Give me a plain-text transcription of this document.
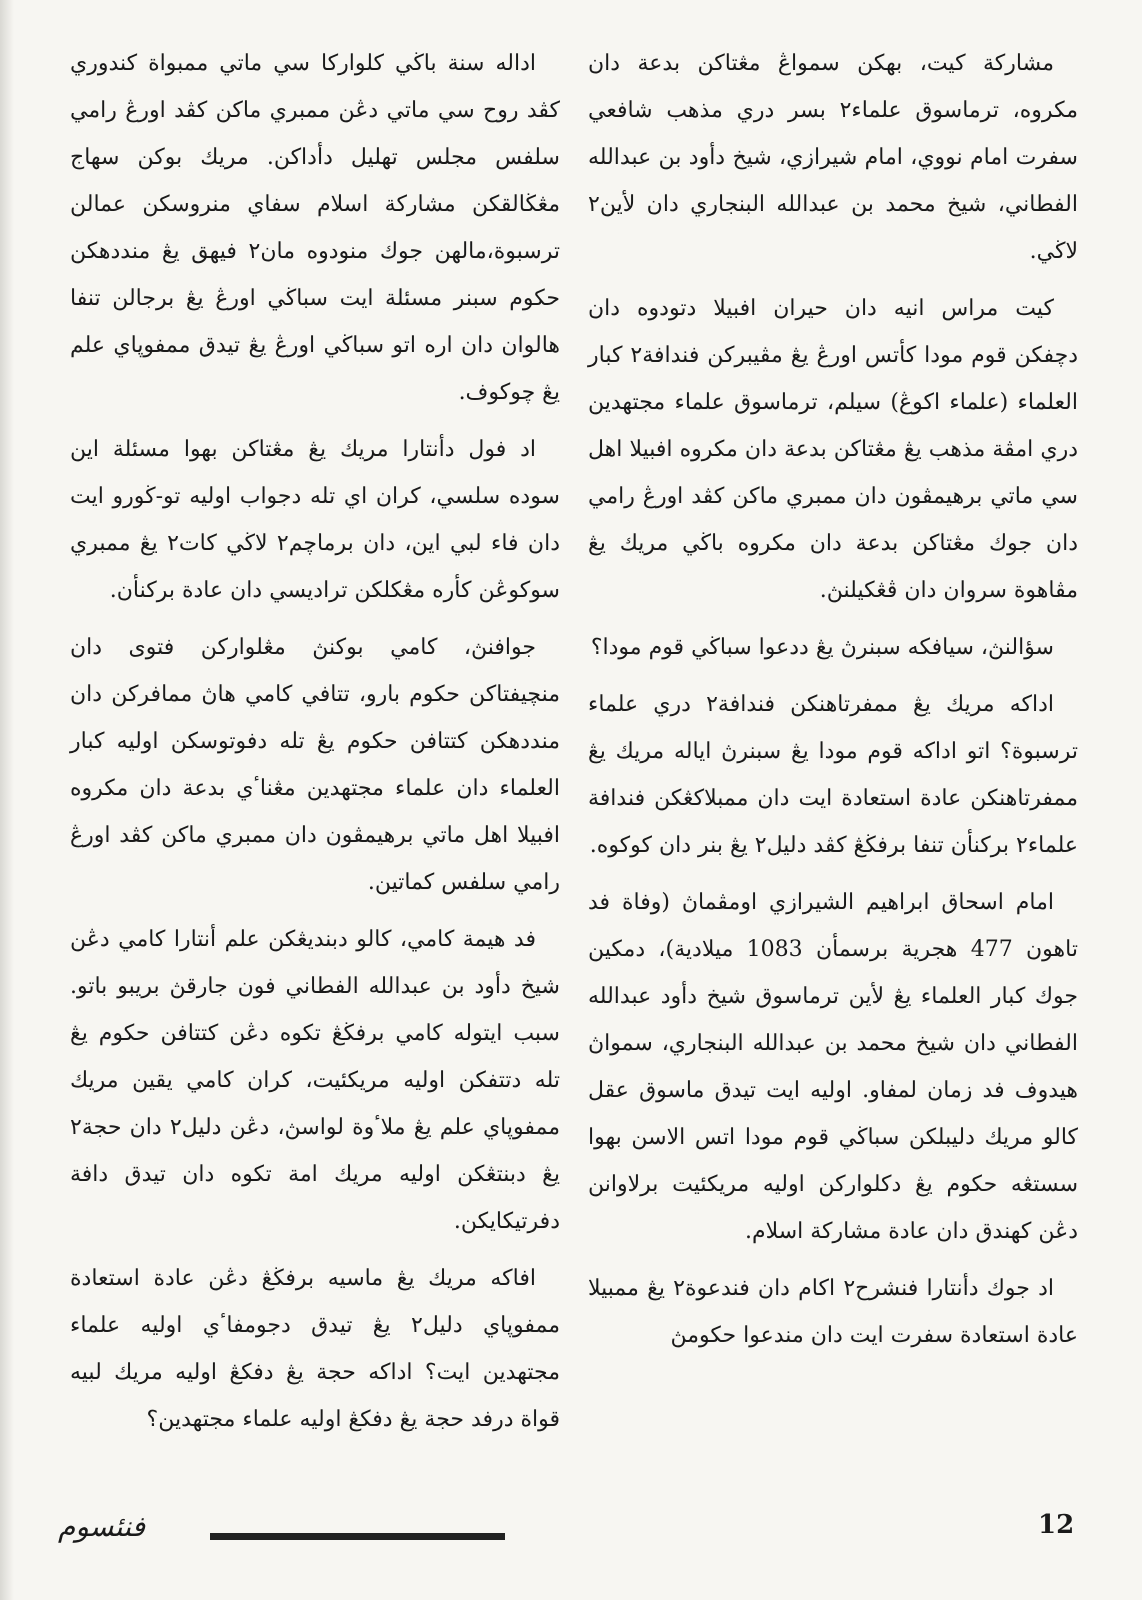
مشاركة كيت، بهكن سمواڠ مڠتاكن بدعة دان مكروه، ترماسوق علماء٢ بسر دري مذهب شافعي سفرت امام نووي، امام شيرازي، شيخ دأود بن عبدالله الفطاني، شيخ محمد بن عبدالله البنجاري دان لأين٢ لاڬي.

كيت مراس انيه دان حيران افبيلا دتودوه دان دچفكن قوم مودا كأتس اورڠ يڠ مڤيبركن فندافة٢ كبار العلماء (علماء اكوڠ) سيلم، ترماسوق علماء مجتهدين دري امڤة مذهب يڠ مڠتاكن بدعة دان مكروه افبيلا اهل سي ماتي برهيمڤون دان ممبري ماكن كڤد اورڠ رامي دان جوك مڠتاكن بدعة دان مكروه باڬي مريك يڠ مڤاهوة سروان دان ڤڠكيلنڽ.

سؤالنڽ، سيافكه سبنرڽ يڠ ددعوا سباڬي قوم مودا؟

اداكه مريك يڠ ممفرتاهنكن فندافة٢ دري علماء ترسبوة؟ اتو اداكه قوم مودا يڠ سبنرڽ اياله مريك يڠ ممفرتاهنكن عادة استعادة ايت دان ممبلاكڠكن فندافة علماء٢ بركنأن تنفا برفڬڠ كڤد دليل٢ يڠ بنر دان كوكوه.

امام اسحاق ابراهيم الشيرازي اومڤماڽ (وفاة فد تاهون 477 هجرية برسمأن 1083 ميلادية)، دمكين جوك كبار العلماء يڠ لأين ترماسوق شيخ دأود عبدالله الفطاني دان شيخ محمد بن عبدالله البنجاري، سمواڽ هيدوف فد زمان لمفاو. اوليه ايت تيدق ماسوق عقل كالو مريك دليبلكن سباڬي قوم مودا اتس الاسن بهوا سستڠه حكوم يڠ دكلواركن اوليه مريكئيت برلاوانن دڠن كهندق دان عادة مشاركة اسلام.

اد جوك دأنتارا فنشرح٢ اكام دان فندعوة٢ يڠ ممبيلا عادة استعادة سفرت ايت دان مندعوا حكومڽ

اداله سنة باڬي كلواركا سي ماتي ممبواة كندوري كڤد روح سي ماتي دڠن ممبري ماكن كڤد اورڠ رامي سلفس مجلس تهليل دأداكن. مريك بوكن سهاج مڠڬالقكن مشاركة اسلام سفاي منروسكن عمالن ترسبوة،مالهن جوك منودوه مان٢ فيهق يڠ منددهكن حكوم سبنر مسئلة ايت سباڬي اورڠ يڠ برجالن تنفا هالوان دان اره اتو سباڬي اورڠ يڠ تيدق ممفوڽاي علم يڠ چوكوف.

اد فول دأنتارا مريك يڠ مڠتاكن بهوا مسئلة اين سوده سلسي، كران اي تله دجواب اوليه تو-ڬورو ايت دان فاء لبي اين، دان برماچم٢ لاڬي كات٢ يڠ ممبري سوكوڠن كأره مڠكلكن ترادیسي دان عادة بركنأن.

جوافنڽ، كامي بوكنڽ مڠلواركن فتوى دان منچيفتاكن حكوم بارو، تتافي كامي هاڽ ممافركن دان منددهكن كتتافن حكوم يڠ تله دفوتوسكن اوليه كبار العلماء دان علماء مجتهدين مڠناٴي بدعة دان مكروه افبيلا اهل ماتي برهيمڤون دان ممبري ماكن كڤد اورڠ رامي سلفس كماتين.

فد هيمة كامي، كالو دبنديڠكن علم أنتارا كامي دڠن شيخ دأود بن عبدالله الفطاني فون جارقڽ بريبو باتو. سبب ايتوله كامي برفڬڠ تكوه دڠن كتتافن حكوم يڠ تله دتتفكن اوليه مريكئيت، كران كامي يقين مريك ممفوڽاي علم يڠ ملاٴوة لواسڽ، دڠن دليل٢ دان حجة٢ يڠ دبنتڠكن اوليه مريك امة تكوه دان تيدق دافة دفرتيكايكن.

افاكه مريك يڠ ماسيه برفڬڠ دڠن عادة استعادة ممفوڽاي دليل٢ يڠ تيدق دجومفاٴي اوليه علماء مجتهدين ايت؟ اداكه حجة يڠ دفكڠ اوليه مريك لبيه قواة درفد حجة يڠ دفكڠ اوليه علماء مجتهدين؟

فنئسوم	12
